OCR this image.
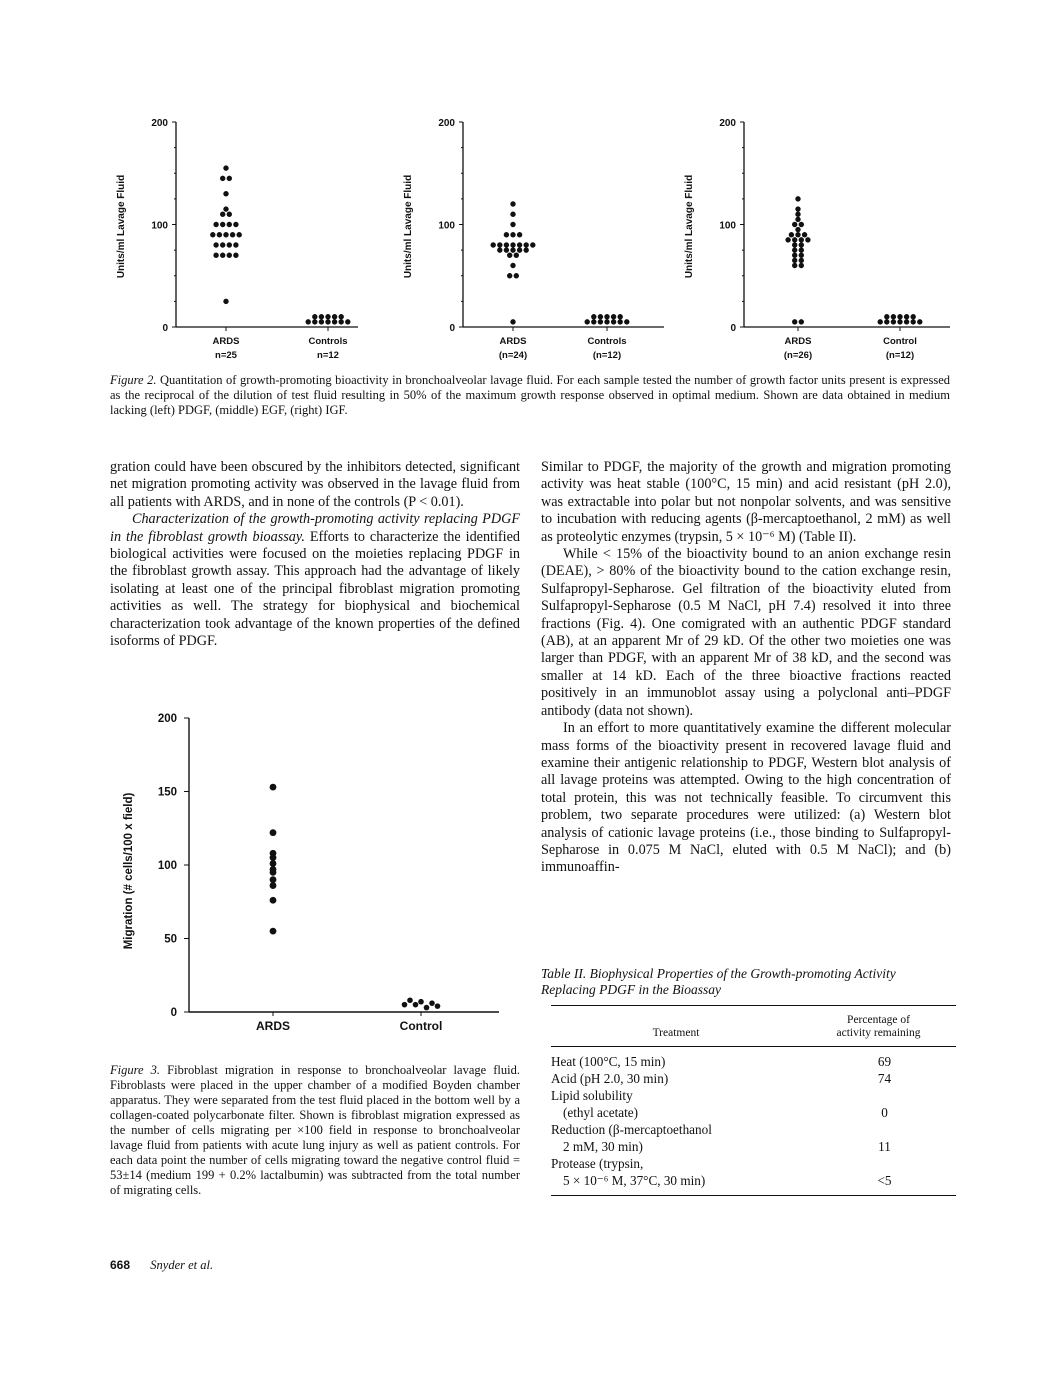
200
100
0
Units/ml Lavage Fluid
ARDS
n=25
Controls
n=12
200
100
0
Units/ml Lavage Fluid
ARDS
(n=24)
Controls
(n=12)
200
100
0
Units/ml Lavage Fluid
ARDS
(n=26)
Control
(n=12)
Figure 2. Quantitation of growth-promoting bioactivity in bronchoalveolar lavage fluid. For each sample tested the number of growth factor units present is expressed as the reciprocal of the dilution of test fluid resulting in 50% of the maximum growth response observed in optimal medium. Shown are data obtained in medium lacking (left) PDGF, (middle) EGF, (right) IGF.

gration could have been obscured by the inhibitors detected, significant net migration promoting activity was observed in the lavage fluid from all patients with ARDS, and in none of the controls (P < 0.01).

Characterization of the growth-promoting activity replacing PDGF in the fibroblast growth bioassay. Efforts to characterize the identified biological activities were focused on the moieties replacing PDGF in the fibroblast growth assay. This approach had the advantage of likely isolating at least one of the principal fibroblast migration promoting activities as well. The strategy for biophysical and biochemical characterization took advantage of the known properties of the defined isoforms of PDGF.

200
150
100
50
0
Migration (# cells/100 x field)
ARDS	Control
Figure 3. Fibroblast migration in response to bronchoalveolar lavage fluid. Fibroblasts were placed in the upper chamber of a modified Boyden chamber apparatus. They were separated from the test fluid placed in the bottom well by a collagen-coated polycarbonate filter. Shown is fibroblast migration expressed as the number of cells migrating per ×100 field in response to bronchoalveolar lavage fluid from patients with acute lung injury as well as patient controls. For each data point the number of cells migrating toward the negative control fluid = 53±14 (medium 199 + 0.2% lactalbumin) was subtracted from the total number of migrating cells.

Similar to PDGF, the majority of the growth and migration promoting activity was heat stable (100°C, 15 min) and acid resistant (pH 2.0), was extractable into polar but not nonpolar solvents, and was sensitive to incubation with reducing agents (β-mercaptoethanol, 2 mM) as well as proteolytic enzymes (trypsin, 5 × 10⁻⁶ M) (Table II).

While < 15% of the bioactivity bound to an anion exchange resin (DEAE), > 80% of the bioactivity bound to the cation exchange resin, Sulfapropyl-Sepharose. Gel filtration of the bioactivity eluted from Sulfapropyl-Sepharose (0.5 M NaCl, pH 7.4) resolved it into three fractions (Fig. 4). One comigrated with an authentic PDGF standard (AB), at an apparent Mr of 29 kD. Of the other two moieties one was larger than PDGF, with an apparent Mr of 38 kD, and the second was smaller at 14 kD. Each of the three bioactive fractions reacted positively in an immunoblot assay using a polyclonal anti–PDGF antibody (data not shown).

In an effort to more quantitatively examine the different molecular mass forms of the bioactivity present in recovered lavage fluid and examine their antigenic relationship to PDGF, Western blot analysis of all lavage proteins was attempted. Owing to the high concentration of total protein, this was not technically feasible. To circumvent this problem, two separate procedures were utilized: (a) Western blot analysis of cationic lavage proteins (i.e., those binding to Sulfapropyl-Sepharose in 0.075 M NaCl, eluted with 0.5 M NaCl); and (b) immunoaffin-

Table II. Biophysical Properties of the Growth-promoting Activity Replacing PDGF in the Bioassay
Treatment
Percentage of
activity remaining
Heat (100°C, 15 min)	69
Acid (pH 2.0, 30 min)	74
Lipid solubility	
(ethyl acetate)	0
Reduction (β-mercaptoethanol	
2 mM, 30 min)	11
Protease (trypsin,	
5 × 10⁻⁶ M, 37°C, 30 min)	<5
668 Snyder et al.
